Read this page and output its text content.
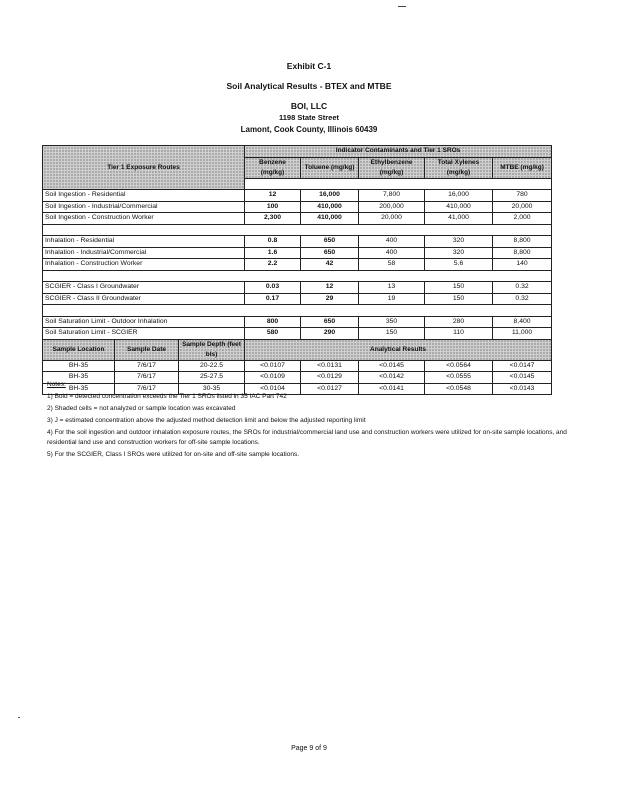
Exhibit C-1
Soil Analytical Results - BTEX and MTBE
BOI, LLC
1198 State Street
Lamont, Cook County, Illinois 60439
Tier 1 Exposure Routes			Indicator Contaminants and Tier 1 SROs				
			Benzene (mg/kg)	Toluene (mg/kg)	Ethylbenzene (mg/kg)	Total Xylenes (mg/kg)	MTBE (mg/kg)

Soil Ingestion - Residential			12	16,000	7,800	16,000	780
Soil Ingestion - Industrial/Commercial			100	410,000	200,000	410,000	20,000
Soil Ingestion - Construction Worker			2,300	410,000	20,000	41,000	2,000

Inhalation - Residential			0.8	650	400	320	8,800
Inhalation - Industrial/Commercial			1.6	650	400	320	8,800
Inhalation - Construction Worker			2.2	42	58	5.6	140

SCGIER - Class I Groundwater			0.03	12	13	150	0.32
SCGIER - Class II Groundwater			0.17	29	19	150	0.32

Soil Saturation Limit - Outdoor Inhalation			800	650	350	280	8,400
Soil Saturation Limit - SCGIER			580	290	150	110	11,000
Sample Location	Sample Date	Sample Depth (feet bls)	Analytical Results				
BH-35	7/6/17	20-22.5	<0.0107	<0.0131	<0.0145	<0.0564	<0.0147
BH-35	7/6/17	25-27.5	<0.0109	<0.0129	<0.0142	<0.0555	<0.0145
BH-35	7/6/17	30-35	<0.0104	<0.0127	<0.0141	<0.0548	<0.0143
Notes:

1) Bold = detected concentration exceeds the Tier 1 SROs listed in 35 IAC Part 742

2) Shaded cells = not analyzed or sample location was excavated

3) J = estimated concentration above the adjusted method detection limit and below the adjusted reporting limit

4) For the soil ingestion and outdoor inhalation exposure routes, the SROs for industrial/commercial land use and construction workers were utilized for on-site sample locations, and residential land use and construction workers for off-site sample locations.

5) For the SCGIER, Class I SROs were utilized for on-site and off-site sample locations.

Page 9 of 9
